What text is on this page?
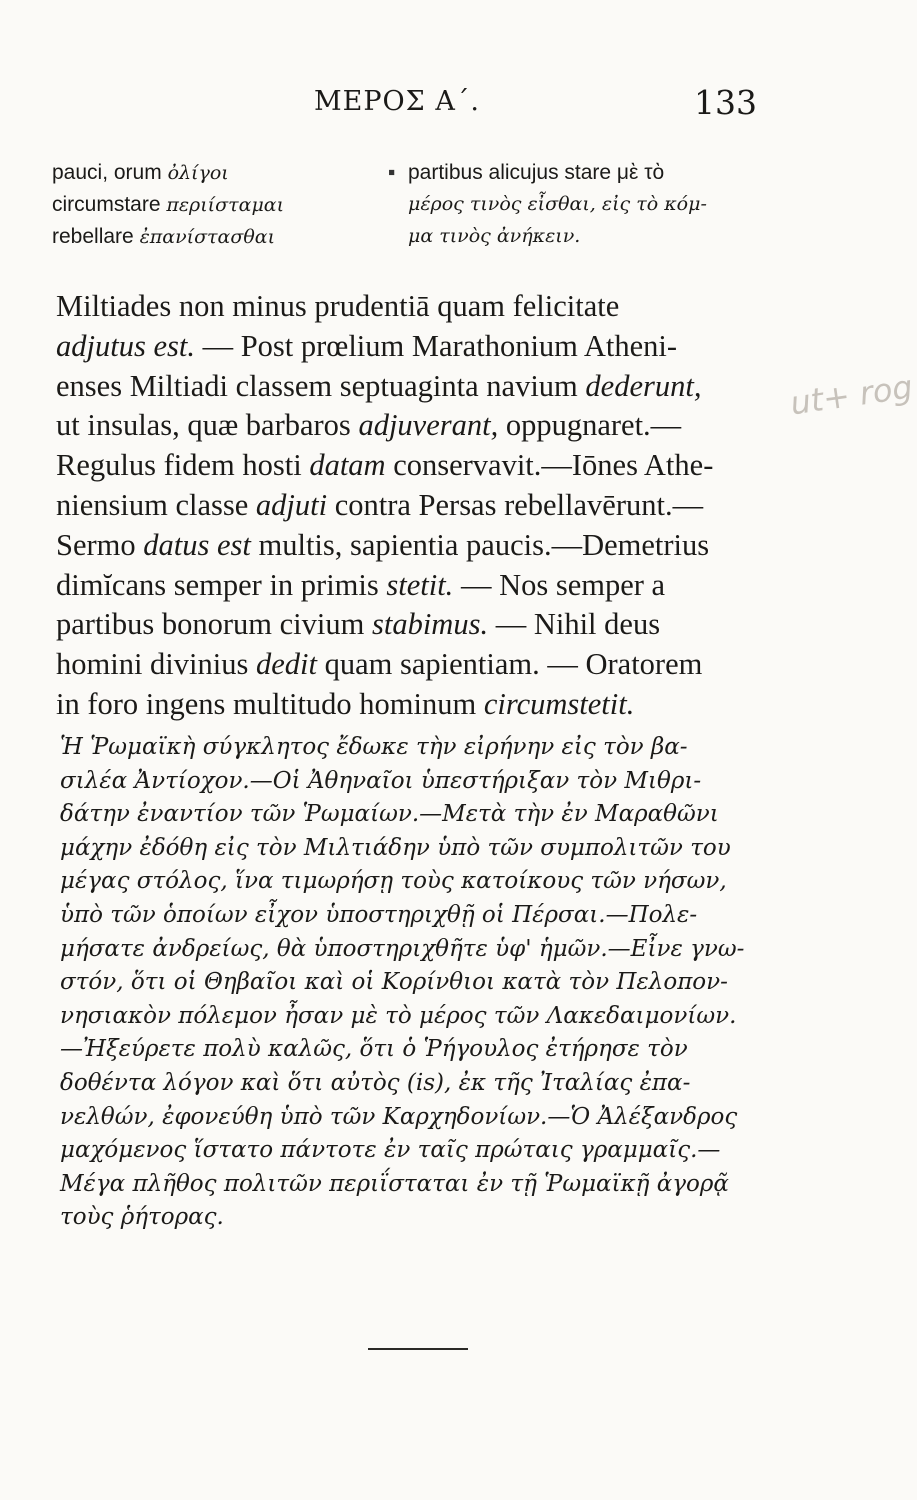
ΜΕΡΟΣ Α΄.	133
pauci, orum ὀλίγοι
circumstare περιίσταμαι
rebellare ἐπανίστασθαι
▪ partibus alicujus stare μὲ τὸ
μέρος τινὸς εἶσθαι, εἰς τὸ κόμ-
μα τινὸς ἀνήκειν.
Miltiades non minus prudentiā quam felicitate
adjutus est. — Post prœlium Marathonium Atheni-
enses Miltiadi classem septuaginta navium dederunt,
ut insulas, quæ barbaros adjuverant, oppugnaret.—
Regulus fidem hosti datam conservavit.—Iōnes Athe-
niensium classe adjuti contra Persas rebellavērunt.—
Sermo datus est multis, sapientia paucis.—Demetrius
dimĭcans semper in primis stetit. — Nos semper a
partibus bonorum civium stabimus. — Nihil deus
homini divinius dedit quam sapientiam. — Oratorem
in foro ingens multitudo hominum circumstetit.
ut+ rog
Ἡ Ῥωμαϊκὴ σύγκλητος ἔδωκε τὴν εἰρήνην εἰς τὸν βα-
σιλέα Ἀντίοχον.—Οἱ Ἀθηναῖοι ὑπεστήριξαν τὸν Μιθρι-
δάτην ἐναντίον τῶν Ῥωμαίων.—Μετὰ τὴν ἐν Μαραθῶνι
μάχην ἐδόθη εἰς τὸν Μιλτιάδην ὑπὸ τῶν συμπολιτῶν του
μέγας στόλος, ἵνα τιμωρήσῃ τοὺς κατοίκους τῶν νήσων,
ὑπὸ τῶν ὁποίων εἶχον ὑποστηριχθῇ οἱ Πέρσαι.—Πολε-
μήσατε ἀνδρείως, θὰ ὑποστηριχθῆτε ὑφ' ἡμῶν.—Εἶνε γνω-
στόν, ὅτι οἱ Θηβαῖοι καὶ οἱ Κορίνθιοι κατὰ τὸν Πελοπον-
νησιακὸν πόλεμον ἦσαν μὲ τὸ μέρος τῶν Λακεδαιμονίων.
—Ἠξεύρετε πολὺ καλῶς, ὅτι ὁ Ῥήγουλος ἐτήρησε τὸν
δοθέντα λόγον καὶ ὅτι αὐτὸς (is), ἐκ τῆς Ἰταλίας ἐπα-
νελθών, ἐφονεύθη ὑπὸ τῶν Καρχηδονίων.—Ὁ Ἀλέξανδρος
μαχόμενος ἵστατο πάντοτε ἐν ταῖς πρώταις γραμμαῖς.—
Μέγα πλῆθος πολιτῶν περιΐσταται ἐν τῇ Ῥωμαϊκῇ ἀγορᾷ
τοὺς ῥήτορας.
